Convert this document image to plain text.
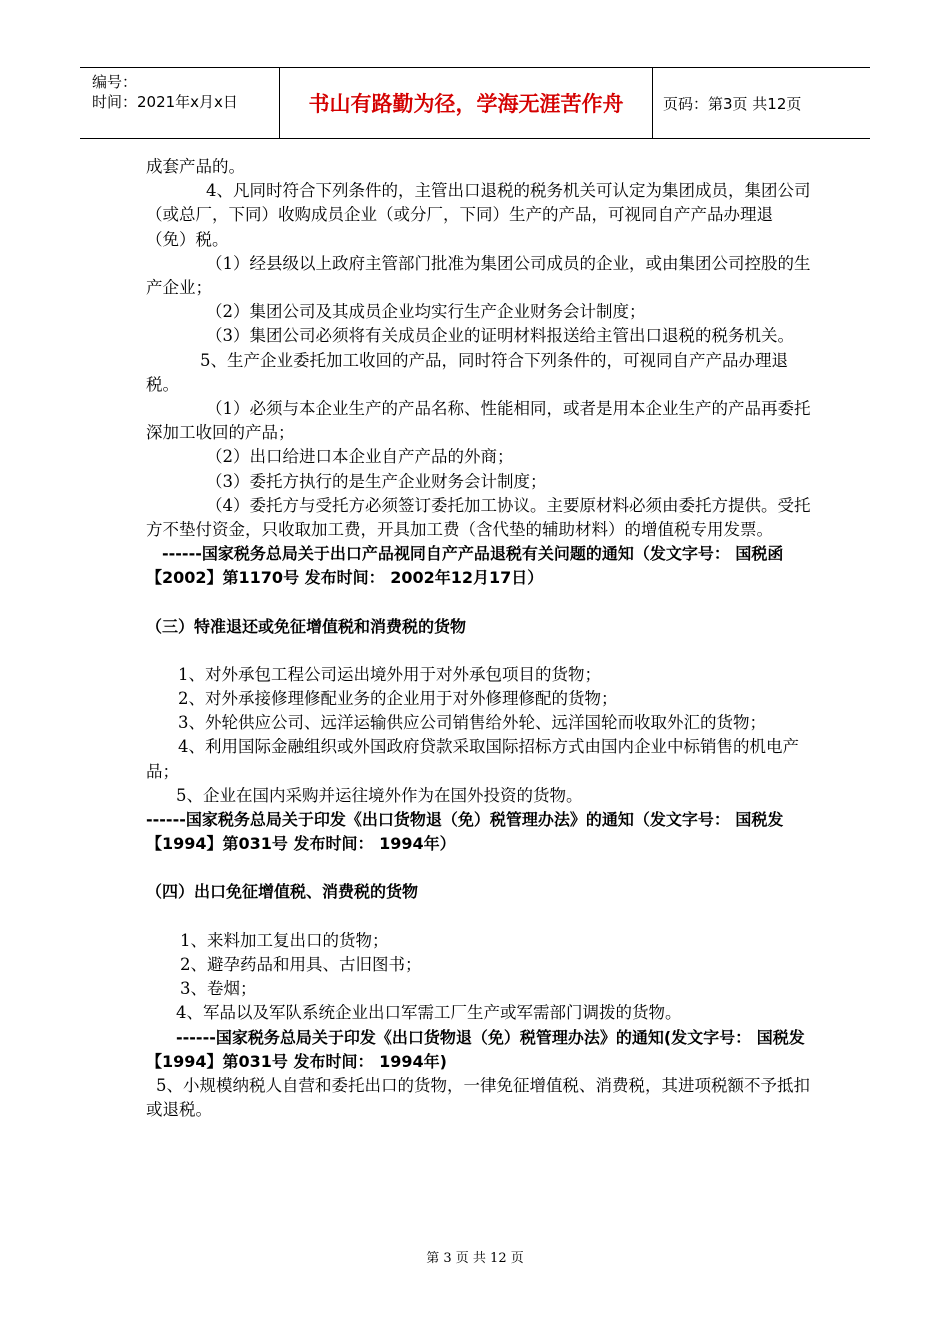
编号：
时间：2021年x月x日	书山有路勤为径，学海无涯苦作舟	页码：第3页 共12页

成套产品的。

4、凡同时符合下列条件的，主管出口退税的税务机关可认定为集团成员，集团公司（或总厂，下同）收购成员企业（或分厂，下同）生产的产品，可视同自产产品办理退（免）税。

（1）经县级以上政府主管部门批准为集团公司成员的企业，或由集团公司控股的生产企业；

（2）集团公司及其成员企业均实行生产企业财务会计制度；

（3）集团公司必须将有关成员企业的证明材料报送给主管出口退税的税务机关。

5、生产企业委托加工收回的产品，同时符合下列条件的，可视同自产产品办理退税。

（1）必须与本企业生产的产品名称、性能相同，或者是用本企业生产的产品再委托深加工收回的产品；

（2）出口给进口本企业自产产品的外商；

（3）委托方执行的是生产企业财务会计制度；

（4）委托方与受托方必须签订委托加工协议。主要原材料必须由委托方提供。受托方不垫付资金，只收取加工费，开具加工费（含代垫的辅助材料）的增值税专用发票。

------国家税务总局关于出口产品视同自产产品退税有关问题的通知（发文字号： 国税函【2002】第1170号 发布时间： 2002年12月17日）

（三）特准退还或免征增值税和消费税的货物

1、对外承包工程公司运出境外用于对外承包项目的货物；

2、对外承接修理修配业务的企业用于对外修理修配的货物；

3、外轮供应公司、远洋运输供应公司销售给外轮、远洋国轮而收取外汇的货物；

4、利用国际金融组织或外国政府贷款采取国际招标方式由国内企业中标销售的机电产品；

5、企业在国内采购并运往境外作为在国外投资的货物。

------国家税务总局关于印发《出口货物退（免）税管理办法》的通知（发文字号： 国税发【1994】第031号 发布时间： 1994年）

（四）出口免征增值税、消费税的货物

1、来料加工复出口的货物；

2、避孕药品和用具、古旧图书；

3、卷烟；

4、军品以及军队系统企业出口军需工厂生产或军需部门调拨的货物。

------国家税务总局关于印发《出口货物退（免）税管理办法》的通知(发文字号： 国税发【1994】第031号 发布时间： 1994年)

5、小规模纳税人自营和委托出口的货物，一律免征增值税、消费税，其进项税额不予抵扣或退税。

第 3 页 共 12 页
